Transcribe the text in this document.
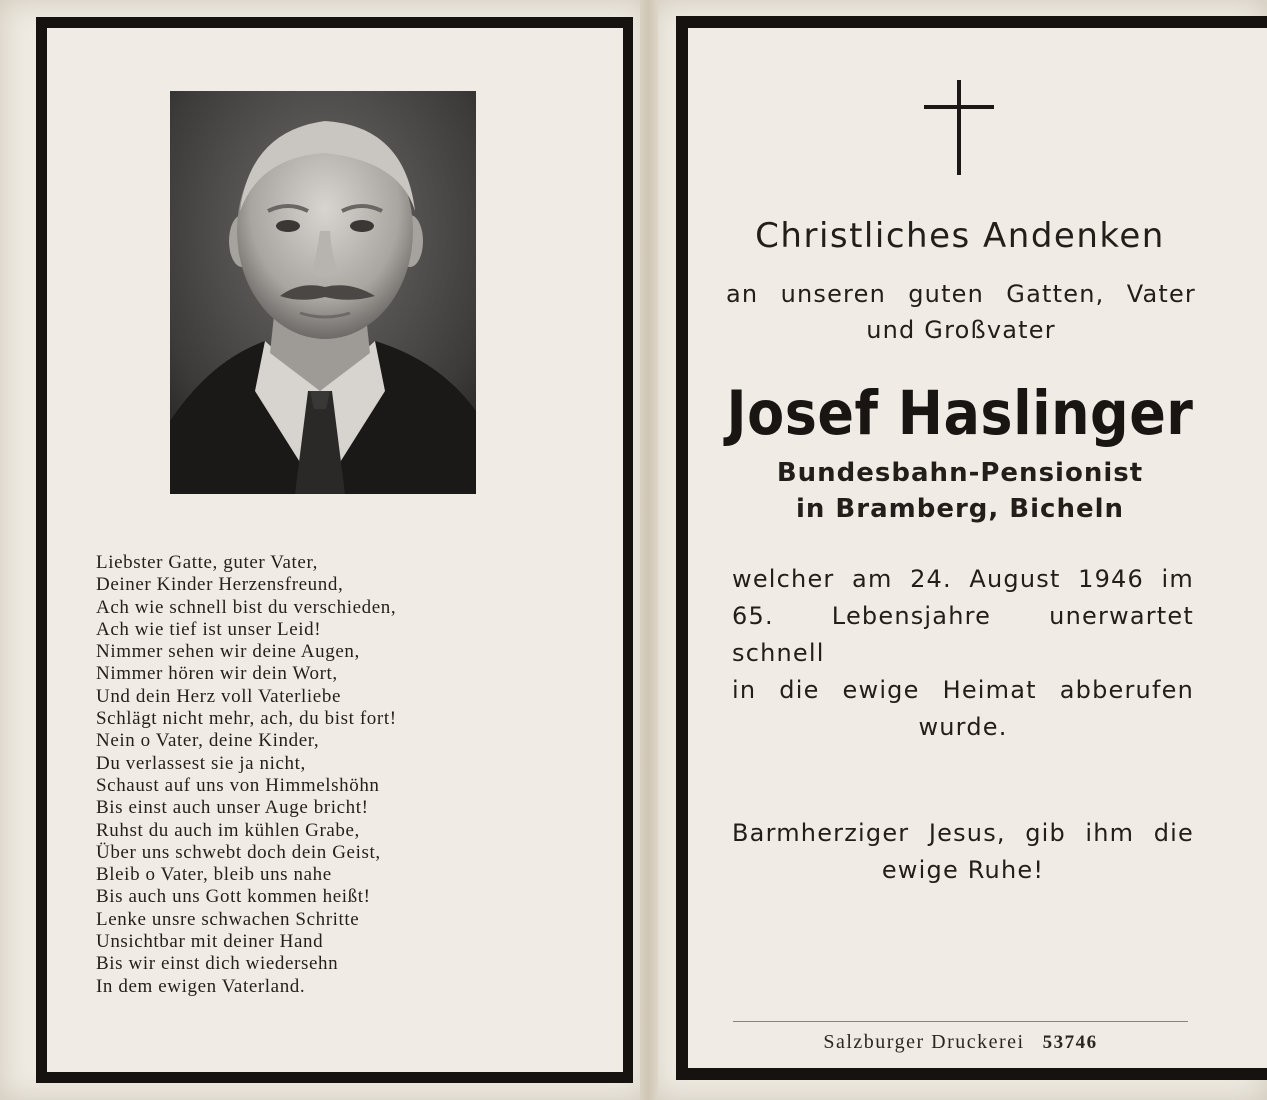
Liebster Gatte, guter Vater,
Deiner Kinder Herzensfreund,
Ach wie schnell bist du verschieden,
Ach wie tief ist unser Leid!
Nimmer sehen wir deine Augen,
Nimmer hören wir dein Wort,
Und dein Herz voll Vaterliebe
Schlägt nicht mehr, ach, du bist fort!
Nein o Vater, deine Kinder,
Du verlassest sie ja nicht,
Schaust auf uns von Himmelshöhn
Bis einst auch unser Auge bricht!
Ruhst du auch im kühlen Grabe,
Über uns schwebt doch dein Geist,
Bleib o Vater, bleib uns nahe
Bis auch uns Gott kommen heißt!
Lenke unsre schwachen Schritte
Unsichtbar mit deiner Hand
Bis wir einst dich wiedersehn
In dem ewigen Vaterland.
Christliches Andenken
an unseren guten Gatten, Vater
und Großvater
Josef Haslinger
Bundesbahn-Pensionist
in Bramberg, Bicheln
welcher am 24. August 1946 im
65. Lebensjahre unerwartet schnell
in die ewige Heimat abberufen
wurde.
Barmherziger Jesus, gib ihm die
ewige Ruhe!
Salzburger Druckerei 53746
